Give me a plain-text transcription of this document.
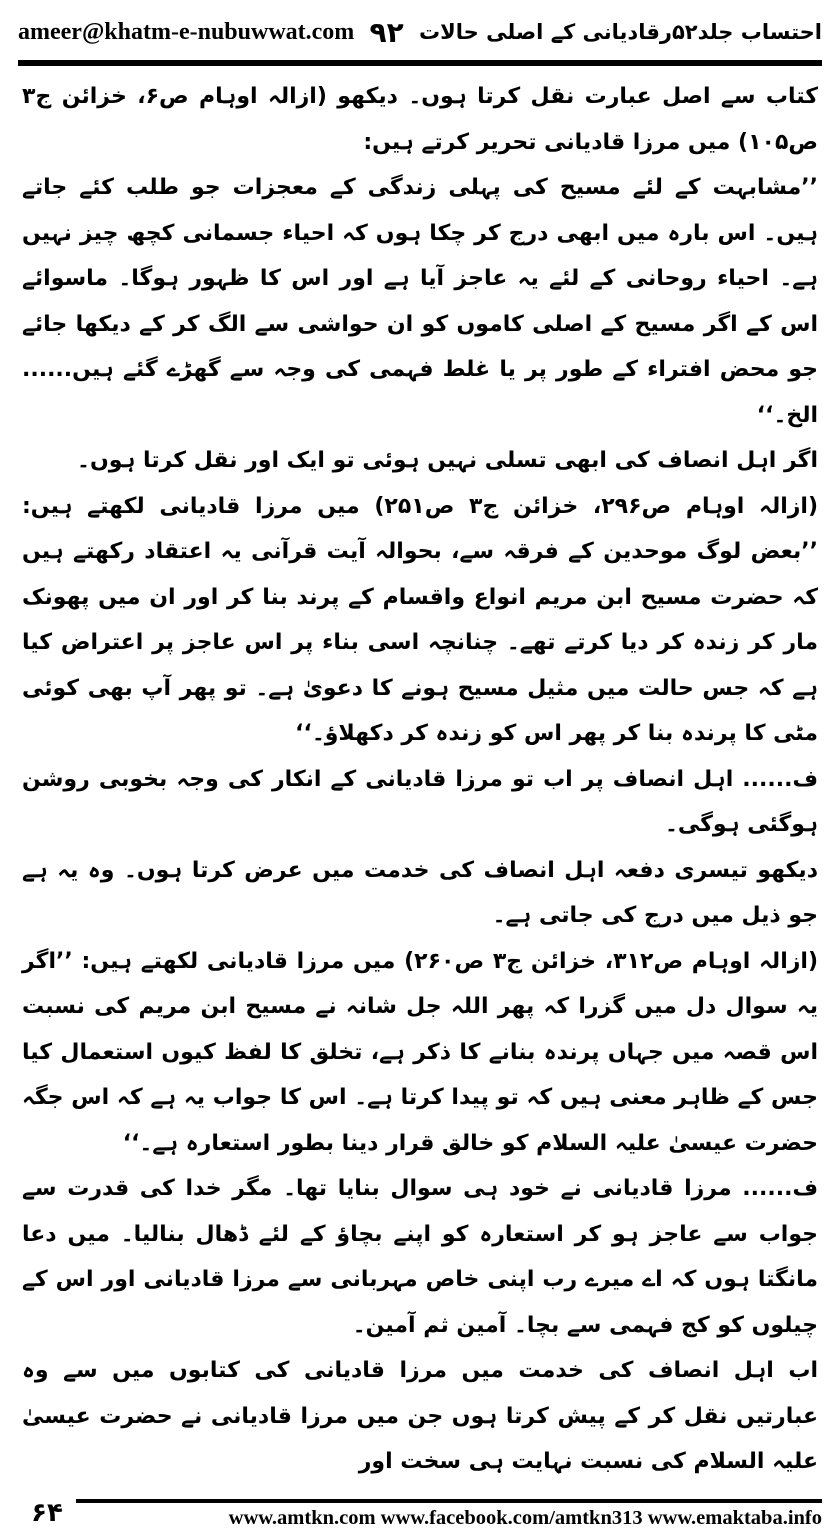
ameer@khatm-e-nubuwwat.com ۹۲ احتساب جلد۵۲رقادیانی کے اصلی حالات

کتاب سے اصل عبارت نقل کرتا ہوں۔ دیکھو (ازالہ اوہام ص۶، خزائن ج۳ ص۱۰۵) میں مرزا قادیانی تحریر کرتے ہیں:

’’مشابہت کے لئے مسیح کی پہلی زندگی کے معجزات جو طلب کئے جاتے ہیں۔ اس بارہ میں ابھی درج کر چکا ہوں کہ احیاء جسمانی کچھ چیز نہیں ہے۔ احیاء روحانی کے لئے یہ عاجز آیا ہے اور اس کا ظہور ہوگا۔ ماسوائے اس کے اگر مسیح کے اصلی کاموں کو ان حواشی سے الگ کر کے دیکھا جائے جو محض افتراء کے طور پر یا غلط فہمی کی وجہ سے گھڑے گئے ہیں...... الخ۔‘‘

اگر اہل انصاف کی ابھی تسلی نہیں ہوئی تو ایک اور نقل کرتا ہوں۔

(ازالہ اوہام ص۲۹۶، خزائن ج۳ ص۲۵۱) میں مرزا قادیانی لکھتے ہیں: ’’بعض لوگ موحدین کے فرقہ سے، بحوالہ آیت قرآنی یہ اعتقاد رکھتے ہیں کہ حضرت مسیح ابن مریم انواع واقسام کے پرند بنا کر اور ان میں پھونک مار کر زندہ کر دیا کرتے تھے۔ چنانچہ اسی بناء پر اس عاجز پر اعتراض کیا ہے کہ جس حالت میں مثیل مسیح ہونے کا دعویٰ ہے۔ تو پھر آپ بھی کوئی مٹی کا پرندہ بنا کر پھر اس کو زندہ کر دکھلاؤ۔‘‘

ف...... اہل انصاف پر اب تو مرزا قادیانی کے انکار کی وجہ بخوبی روشن ہوگئی ہوگی۔

دیکھو تیسری دفعہ اہل انصاف کی خدمت میں عرض کرتا ہوں۔ وہ یہ ہے جو ذیل میں درج کی جاتی ہے۔

(ازالہ اوہام ص۳۱۲، خزائن ج۳ ص۲۶۰) میں مرزا قادیانی لکھتے ہیں: ’’اگر یہ سوال دل میں گزرا کہ پھر اللہ جل شانہ نے مسیح ابن مریم کی نسبت اس قصہ میں جہاں پرندہ بنانے کا ذکر ہے، تخلق کا لفظ کیوں استعمال کیا جس کے ظاہر معنی ہیں کہ تو پیدا کرتا ہے۔ اس کا جواب یہ ہے کہ اس جگہ حضرت عیسیٰ علیہ السلام کو خالق قرار دینا بطور استعارہ ہے۔‘‘

ف...... مرزا قادیانی نے خود ہی سوال بنایا تھا۔ مگر خدا کی قدرت سے جواب سے عاجز ہو کر استعارہ کو اپنے بچاؤ کے لئے ڈھال بنالیا۔ میں دعا مانگتا ہوں کہ اے میرے رب اپنی خاص مہربانی سے مرزا قادیانی اور اس کے چیلوں کو کج فہمی سے بچا۔ آمین ثم آمین۔

اب اہل انصاف کی خدمت میں مرزا قادیانی کی کتابوں میں سے وہ عبارتیں نقل کر کے پیش کرتا ہوں جن میں مرزا قادیانی نے حضرت عیسیٰ علیہ السلام کی نسبت نہایت ہی سخت اور

۶۴	www.amtkn.com www.facebook.com/amtkn313 www.emaktaba.info
